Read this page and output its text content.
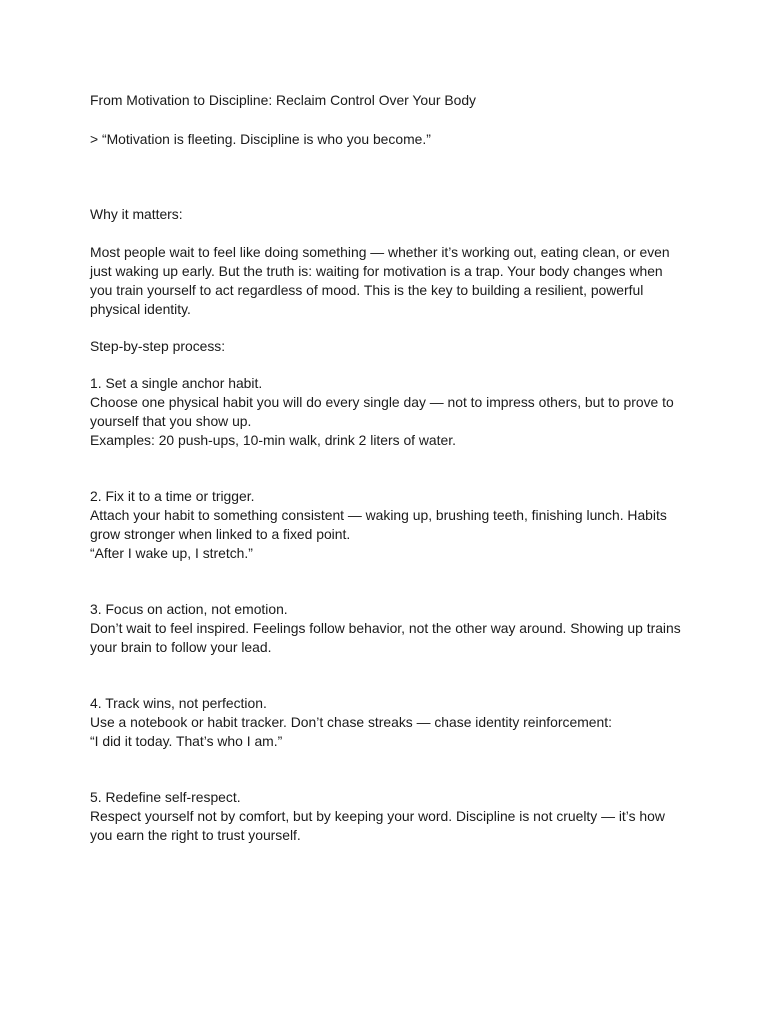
From Motivation to Discipline: Reclaim Control Over Your Body

> “Motivation is fleeting. Discipline is who you become.”

Why it matters:

Most people wait to feel like doing something — whether it’s working out, eating clean, or even
just waking up early. But the truth is: waiting for motivation is a trap. Your body changes when
you train yourself to act regardless of mood. This is the key to building a resilient, powerful
physical identity.

Step-by-step process:

1. Set a single anchor habit.
Choose one physical habit you will do every single day — not to impress others, but to prove to
yourself that you show up.
Examples: 20 push-ups, 10-min walk, drink 2 liters of water.
2. Fix it to a time or trigger.
Attach your habit to something consistent — waking up, brushing teeth, finishing lunch. Habits
grow stronger when linked to a fixed point.
“After I wake up, I stretch.”
3. Focus on action, not emotion.
Don’t wait to feel inspired. Feelings follow behavior, not the other way around. Showing up trains
your brain to follow your lead.
4. Track wins, not perfection.
Use a notebook or habit tracker. Don’t chase streaks — chase identity reinforcement:
“I did it today. That’s who I am.”
5. Redefine self-respect.
Respect yourself not by comfort, but by keeping your word. Discipline is not cruelty — it’s how
you earn the right to trust yourself.
